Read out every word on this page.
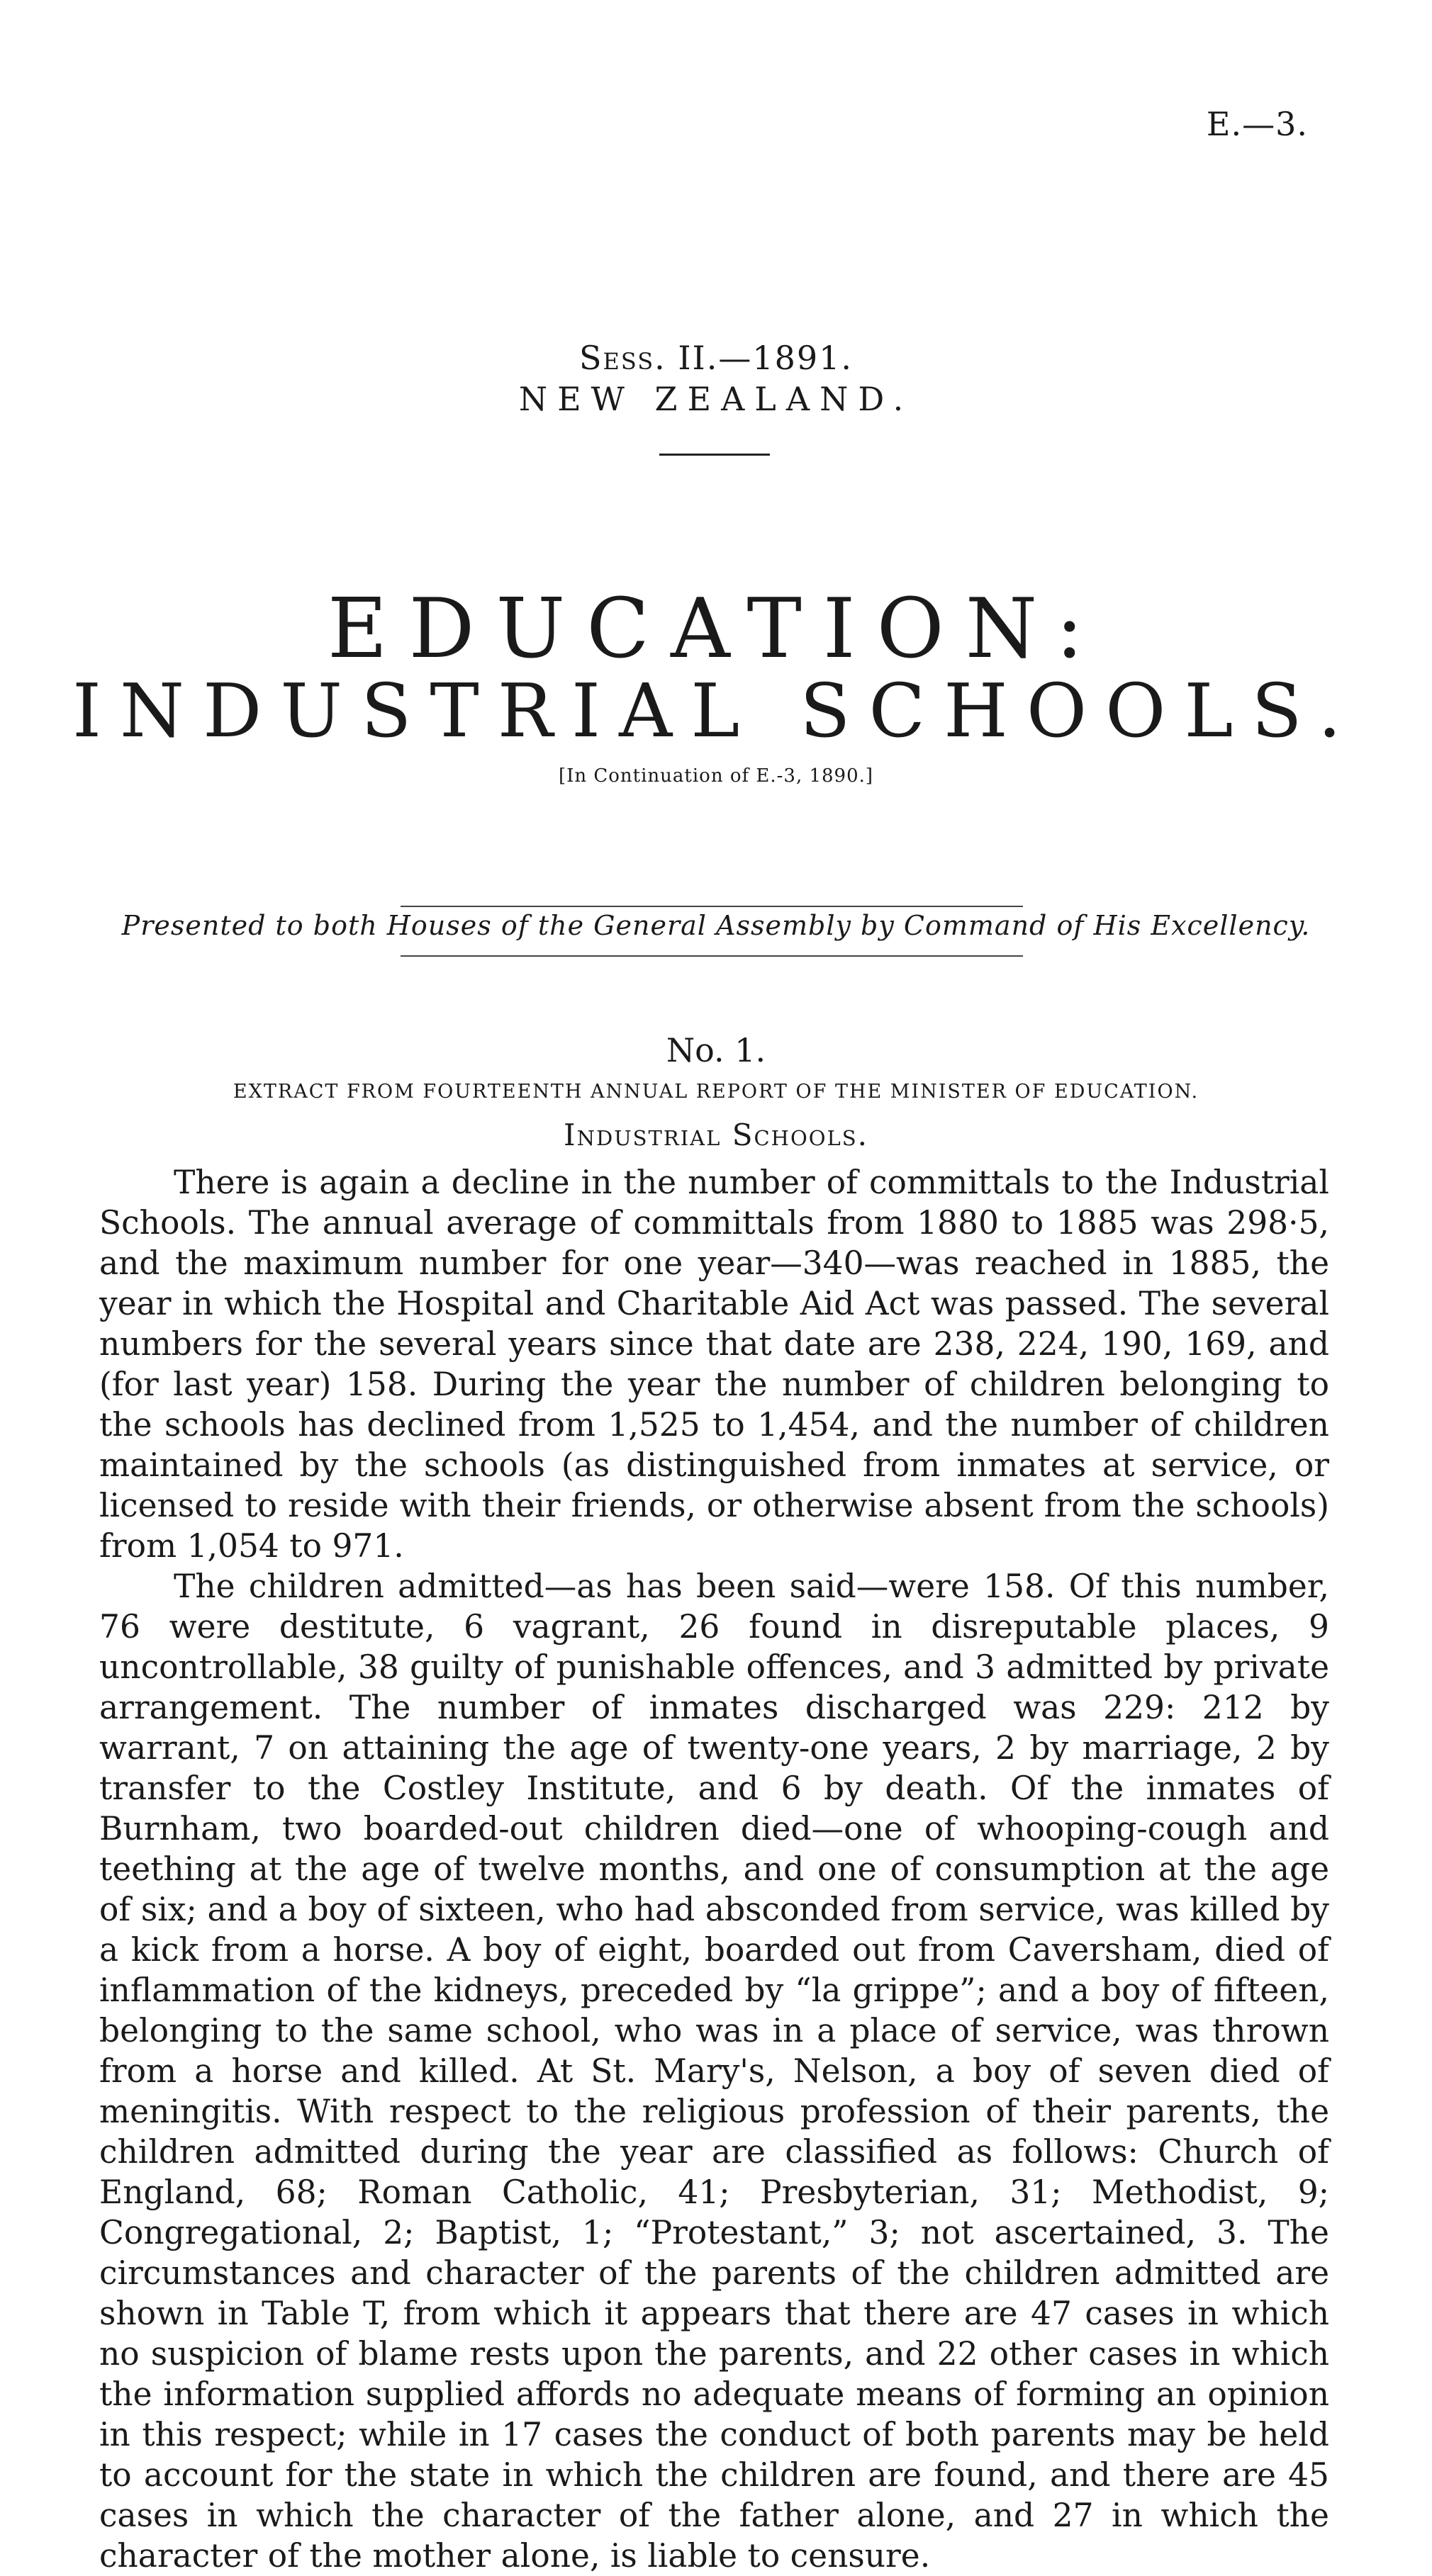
E.—3.
Sess. II.—1891.
NEW ZEALAND.
EDUCATION:
INDUSTRIAL SCHOOLS.
[In Continuation of E.-3, 1890.]
Presented to both Houses of the General Assembly by Command of His Excellency.
No. 1.
EXTRACT FROM FOURTEENTH ANNUAL REPORT OF THE MINISTER OF EDUCATION.
Industrial Schools.

There is again a decline in the number of committals to the Industrial Schools. The annual average of committals from 1880 to 1885 was 298·5, and the maximum number for one year—340—was reached in 1885, the year in which the Hospital and Charitable Aid Act was passed. The several numbers for the several years since that date are 238, 224, 190, 169, and (for last year) 158. During the year the number of children belonging to the schools has declined from 1,525 to 1,454, and the number of children maintained by the schools (as distinguished from inmates at service, or licensed to reside with their friends, or otherwise absent from the schools) from 1,054 to 971.

The children admitted—as has been said—were 158. Of this number, 76 were destitute, 6 vagrant, 26 found in disreputable places, 9 uncontrollable, 38 guilty of punishable offences, and 3 admitted by private arrangement. The number of inmates discharged was 229: 212 by warrant, 7 on attaining the age of twenty-one years, 2 by marriage, 2 by transfer to the Costley Institute, and 6 by death. Of the inmates of Burnham, two boarded-out children died—one of whooping-cough and teething at the age of twelve months, and one of consumption at the age of six; and a boy of sixteen, who had absconded from service, was killed by a kick from a horse. A boy of eight, boarded out from Caversham, died of inflammation of the kidneys, preceded by “la grippe”; and a boy of fifteen, belonging to the same school, who was in a place of service, was thrown from a horse and killed. At St. Mary's, Nelson, a boy of seven died of meningitis. With respect to the religious profession of their parents, the children admitted during the year are classified as follows: Church of England, 68; Roman Catholic, 41; Presbyterian, 31; Methodist, 9; Congregational, 2; Baptist, 1; “Protestant,” 3; not ascertained, 3. The circumstances and character of the parents of the children admitted are shown in Table T, from which it appears that there are 47 cases in which no suspicion of blame rests upon the parents, and 22 other cases in which the information supplied affords no adequate means of forming an opinion in this respect; while in 17 cases the conduct of both parents may be held to account for the state in which the children are found, and there are 45 cases in which the character of the father alone, and 27 in which the character of the mother alone, is liable to censure.
